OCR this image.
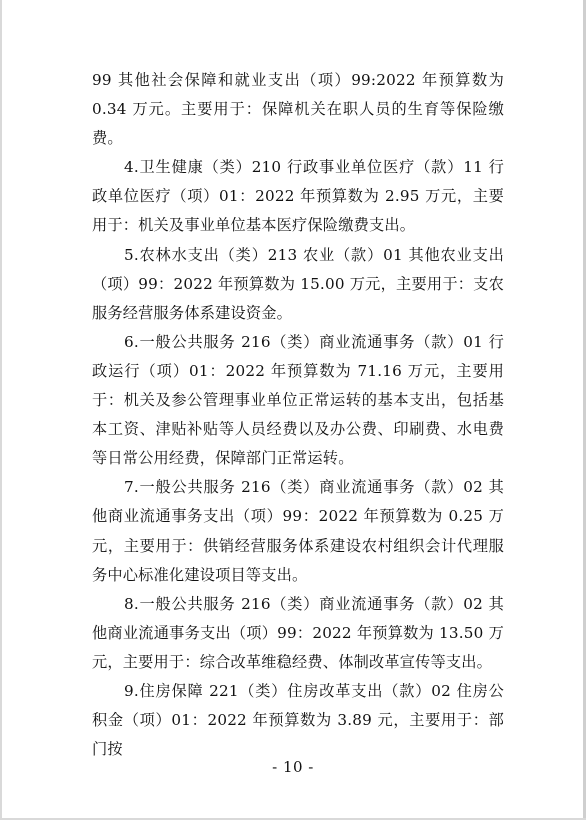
99 其他社会保障和就业支出（项）99:2022 年预算数为 0.34 万元。主要用于：保障机关在职人员的生育等保险缴费。

4.卫生健康（类）210 行政事业单位医疗（款）11 行政单位医疗（项）01：2022 年预算数为 2.95 万元，主要用于：机关及事业单位基本医疗保险缴费支出。

5.农林水支出（类）213 农业（款）01 其他农业支出（项）99：2022 年预算数为 15.00 万元，主要用于：支农服务经营服务体系建设资金。

6.一般公共服务 216（类）商业流通事务（款）01 行政运行（项）01：2022 年预算数为 71.16 万元，主要用于：机关及参公管理事业单位正常运转的基本支出，包括基本工资、津贴补贴等人员经费以及办公费、印刷费、水电费等日常公用经费，保障部门正常运转。

7.一般公共服务 216（类）商业流通事务（款）02 其他商业流通事务支出（项）99：2022 年预算数为 0.25 万元，主要用于：供销经营服务体系建设农村组织会计代理服务中心标准化建设项目等支出。

8.一般公共服务 216（类）商业流通事务（款）02 其他商业流通事务支出（项）99：2022 年预算数为 13.50 万元，主要用于：综合改革维稳经费、体制改革宣传等支出。

9.住房保障 221（类）住房改革支出（款）02 住房公积金（项）01：2022 年预算数为 3.89 元，主要用于：部门按

- 10 -
